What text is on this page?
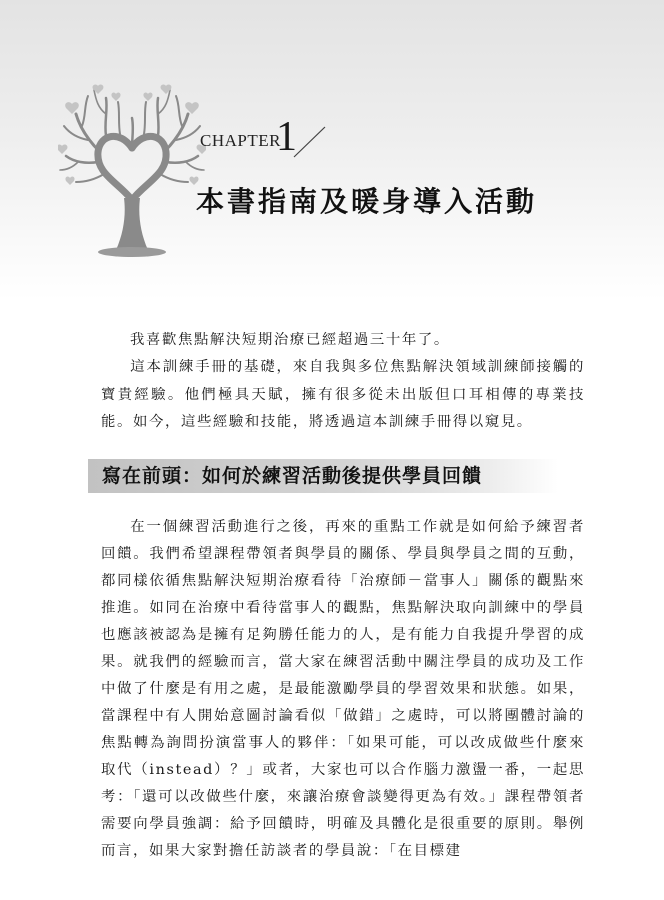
CHAPTER
1
本書指南及暖身導入活動
我喜歡焦點解決短期治療已經超過三十年了。
這本訓練手冊的基礎，來自我與多位焦點解決領域訓練師接觸的寶貴經驗。他們極具天賦，擁有很多從未出版但口耳相傳的專業技能。如今，這些經驗和技能，將透過這本訓練手冊得以窺見。
寫在前頭：如何於練習活動後提供學員回饋

在一個練習活動進行之後，再來的重點工作就是如何給予練習者回饋。我們希望課程帶領者與學員的關係、學員與學員之間的互動，都同樣依循焦點解決短期治療看待「治療師－當事人」關係的觀點來推進。如同在治療中看待當事人的觀點，焦點解決取向訓練中的學員也應該被認為是擁有足夠勝任能力的人，是有能力自我提升學習的成果。就我們的經驗而言，當大家在練習活動中關注學員的成功及工作中做了什麼是有用之處，是最能激勵學員的學習效果和狀態。如果，當課程中有人開始意圖討論看似「做錯」之處時，可以將團體討論的焦點轉為詢問扮演當事人的夥伴：「如果可能，可以改成做些什麼來取代（instead）？」或者，大家也可以合作腦力激盪一番，一起思考：「還可以改做些什麼，來讓治療會談變得更為有效。」課程帶領者需要向學員強調：給予回饋時，明確及具體化是很重要的原則。舉例而言，如果大家對擔任訪談者的學員說：「在目標建
